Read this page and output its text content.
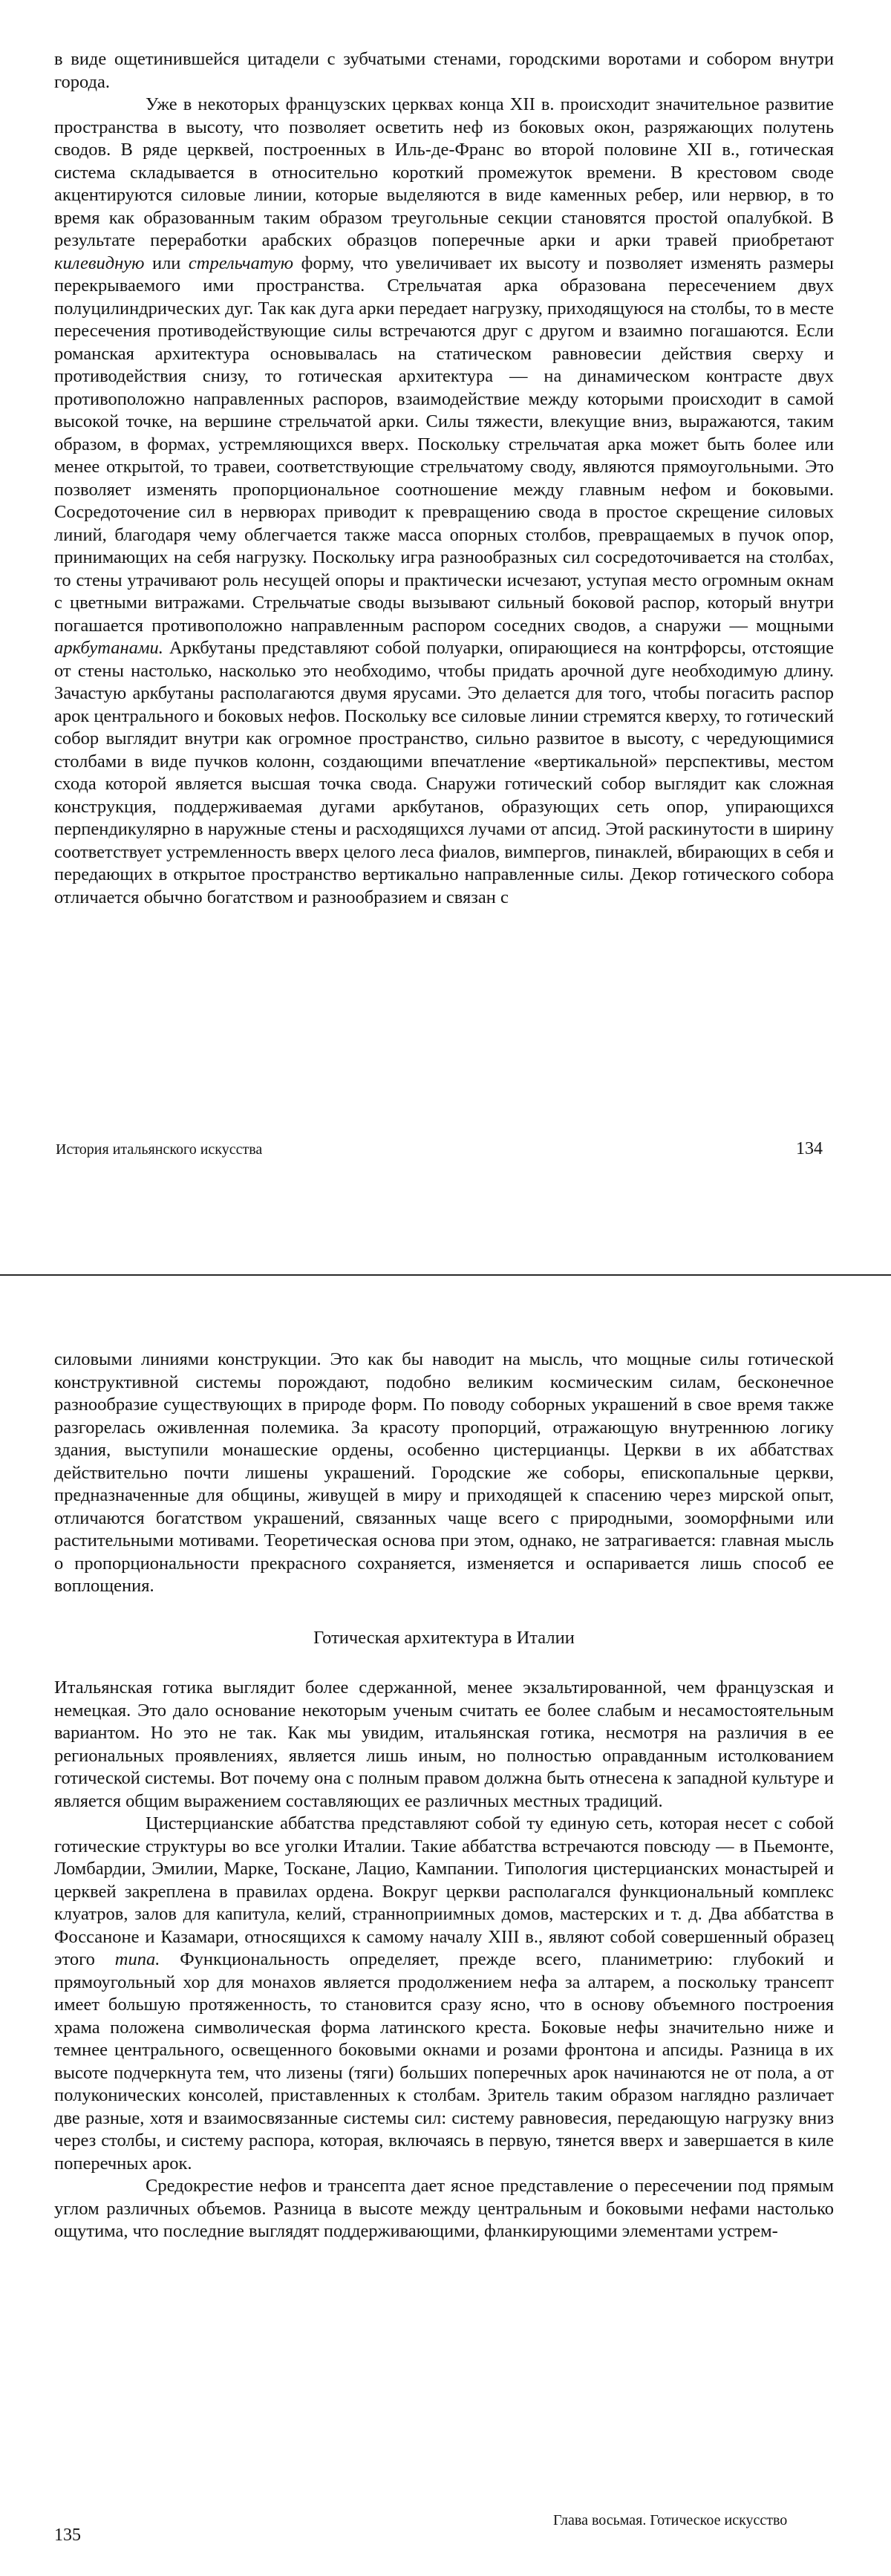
в виде ощетинившейся цитадели с зубчатыми стенами, городскими воротами и собором внутри города.

Уже в некоторых французских церквах конца XII в. происходит значительное развитие пространства в высоту, что позволяет осветить неф из боковых окон, разряжающих полутень сводов. В ряде церквей, построенных в Иль-де-Франс во второй половине XII в., готическая система складывается в относительно короткий промежуток времени. В крестовом своде акцентируются силовые линии, которые выделяются в виде каменных ребер, или нервюр, в то время как образованным таким образом треугольные секции становятся простой опалубкой. В результате переработки арабских образцов поперечные арки и арки травей приобретают килевидную или стрельчатую форму, что увеличивает их высоту и позволяет изменять размеры перекрываемого ими пространства. Стрельчатая арка образована пересечением двух полуцилиндрических дуг. Так как дуга арки передает нагрузку, приходящуюся на столбы, то в месте пересечения противодействующие силы встречаются друг с другом и взаимно погашаются. Если романская архитектура основывалась на статическом равновесии действия сверху и противодействия снизу, то готическая архитектура — на динамическом контрасте двух противоположно направленных распоров, взаимодействие между которыми происходит в самой высокой точке, на вершине стрельчатой арки. Силы тяжести, влекущие вниз, выражаются, таким образом, в формах, устремляющихся вверх. Поскольку стрельчатая арка может быть более или менее открытой, то травеи, соответствующие стрельчатому своду, являются прямоугольными. Это позволяет изменять пропорциональное соотношение между главным нефом и боковыми. Сосредоточение сил в нервюрах приводит к превращению свода в простое скрещение силовых линий, благодаря чему облегчается также масса опорных столбов, превращаемых в пучок опор, принимающих на себя нагрузку. Поскольку игра разнообразных сил сосредоточивается на столбах, то стены утрачивают роль несущей опоры и практически исчезают, уступая место огромным окнам с цветными витражами. Стрельчатые своды вызывают сильный боковой распор, который внутри погашается противоположно направленным распором соседних сводов, а снаружи — мощными аркбутанами. Аркбутаны представляют собой полуарки, опирающиеся на контрфорсы, отстоящие от стены настолько, насколько это необходимо, чтобы придать арочной дуге необходимую длину. Зачастую аркбутаны располагаются двумя ярусами. Это делается для того, чтобы погасить распор арок центрального и боковых нефов. Поскольку все силовые линии стремятся кверху, то готический собор выглядит внутри как огромное пространство, сильно развитое в высоту, с чередующимися столбами в виде пучков колонн, создающими впечатление «вертикальной» перспективы, местом схода которой является высшая точка свода. Снаружи готический собор выглядит как сложная конструкция, поддерживаемая дугами аркбутанов, образующих сеть опор, упирающихся перпендикулярно в наружные стены и расходящихся лучами от апсид. Этой раскинутости в ширину соответствует устремленность вверх целого леса фиалов, вимпергов, пинаклей, вбирающих в себя и передающих в открытое пространство вертикально направленные силы. Декор готического собора отличается обычно богатством и разнообразием и связан с

История итальянского искусства	134

силовыми линиями конструкции. Это как бы наводит на мысль, что мощные силы готической конструктивной системы порождают, подобно великим космическим силам, бесконечное разнообразие существующих в природе форм. По поводу соборных украшений в свое время также разгорелась оживленная полемика. За красоту пропорций, отражающую внутреннюю логику здания, выступили монашеские ордены, особенно цистерцианцы. Церкви в их аббатствах действительно почти лишены украшений. Городские же соборы, епископальные церкви, предназначенные для общины, живущей в миру и приходящей к спасению через мирской опыт, отличаются богатством украшений, связанных чаще всего с природными, зооморфными или растительными мотивами. Теоретическая основа при этом, однако, не затрагивается: главная мысль о пропорциональности прекрасного сохраняется, изменяется и оспаривается лишь способ ее воплощения.

Готическая архитектура в Италии

Итальянская готика выглядит более сдержанной, менее экзальтированной, чем французская и немецкая. Это дало основание некоторым ученым считать ее более слабым и несамостоятельным вариантом. Но это не так. Как мы увидим, итальянская готика, несмотря на различия в ее региональных проявлениях, является лишь иным, но полностью оправданным истолкованием готической системы. Вот почему она с полным правом должна быть отнесена к западной культуре и является общим выражением составляющих ее различных местных традиций.

Цистерцианские аббатства представляют собой ту единую сеть, которая несет с собой готические структуры во все уголки Италии. Такие аббатства встречаются повсюду — в Пьемонте, Ломбардии, Эмилии, Марке, Тоскане, Лацио, Кампании. Типология цистерцианских монастырей и церквей закреплена в правилах ордена. Вокруг церкви располагался функциональный комплекс клуатров, залов для капитула, келий, странноприимных домов, мастерских и т. д. Два аббатства в Фоссаноне и Казамари, относящихся к самому началу XIII в., являют собой совершенный образец этого типа. Функциональность определяет, прежде всего, планиметрию: глубокий и прямоугольный хор для монахов является продолжением нефа за алтарем, а поскольку трансепт имеет большую протяженность, то становится сразу ясно, что в основу объемного построения храма положена символическая форма латинского креста. Боковые нефы значительно ниже и темнее центрального, освещенного боковыми окнами и розами фронтона и апсиды. Разница в их высоте подчеркнута тем, что лизены (тяги) больших поперечных арок начинаются не от пола, а от полуконических консолей, приставленных к столбам. Зритель таким образом наглядно различает две разные, хотя и взаимосвязанные системы сил: систему равновесия, передающую нагрузку вниз через столбы, и систему распора, которая, включаясь в первую, тянется вверх и завершается в киле поперечных арок.

Средокрестие нефов и трансепта дает ясное представление о пересечении под прямым углом различных объемов. Разница в высоте между центральным и боковыми нефами настолько ощутима, что последние выглядят поддерживающими, фланкирующими элементами устрем-

135
Глава восьмая. Готическое искусство
